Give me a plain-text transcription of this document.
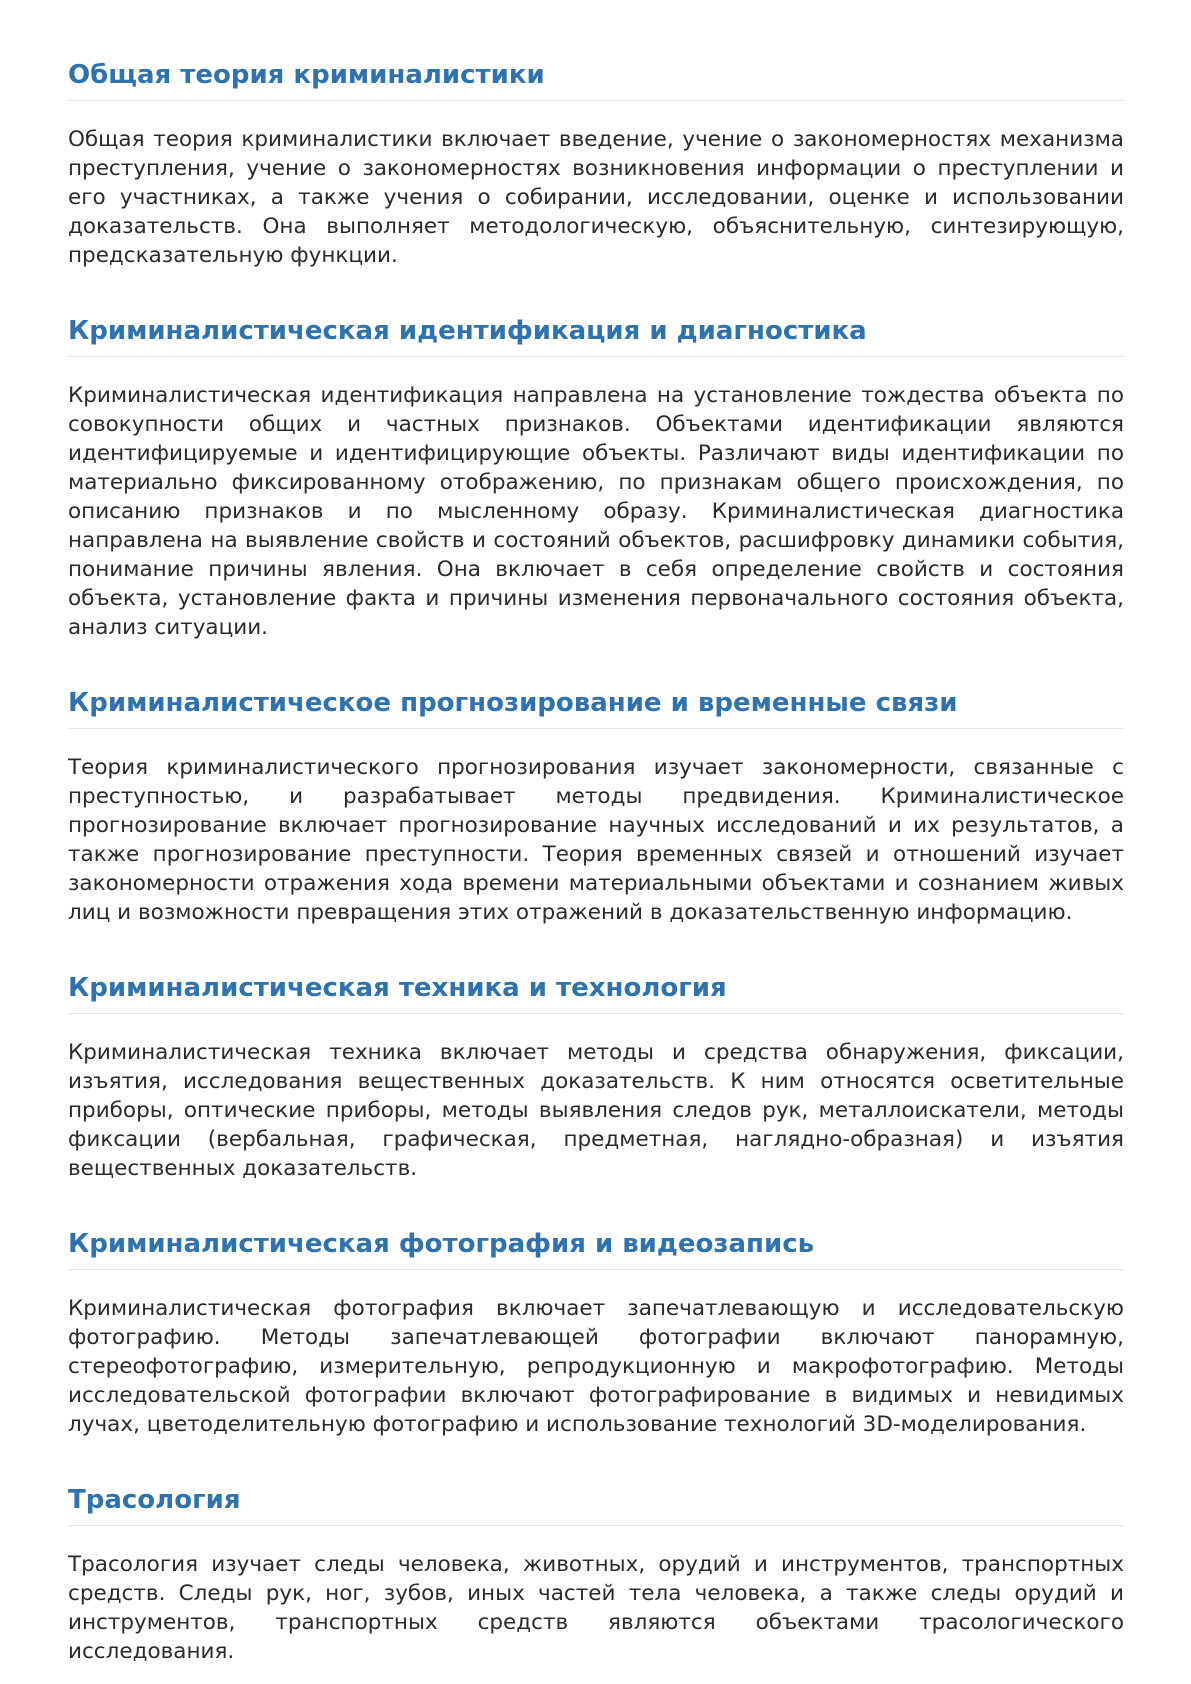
Общая теория криминалистики

Общая теория криминалистики включает введение, учение о закономерностях механизма преступления, учение о закономерностях возникновения информации о преступлении и его участниках, а также учения о собирании, исследовании, оценке и использовании доказательств. Она выполняет методологическую, объяснительную, синтезирующую, предсказательную функции.

Криминалистическая идентификация и диагностика

Криминалистическая идентификация направлена на установление тождества объекта по совокупности общих и частных признаков. Объектами идентификации являются идентифицируемые и идентифицирующие объекты. Различают виды идентификации по материально фиксированному отображению, по признакам общего происхождения, по описанию признаков и по мысленному образу. Криминалистическая диагностика направлена на выявление свойств и состояний объектов, расшифровку динамики события, понимание причины явления. Она включает в себя определение свойств и состояния объекта, установление факта и причины изменения первоначального состояния объекта, анализ ситуации.

Криминалистическое прогнозирование и временные связи

Теория криминалистического прогнозирования изучает закономерности, связанные с преступностью, и разрабатывает методы предвидения. Криминалистическое прогнозирование включает прогнозирование научных исследований и их результатов, а также прогнозирование преступности. Теория временных связей и отношений изучает закономерности отражения хода времени материальными объектами и сознанием живых лиц и возможности превращения этих отражений в доказательственную информацию.

Криминалистическая техника и технология

Криминалистическая техника включает методы и средства обнаружения, фиксации, изъятия, исследования вещественных доказательств. К ним относятся осветительные приборы, оптические приборы, методы выявления следов рук, металлоискатели, методы фиксации (вербальная, графическая, предметная, наглядно-образная) и изъятия вещественных доказательств.

Криминалистическая фотография и видеозапись

Криминалистическая фотография включает запечатлевающую и исследовательскую фотографию. Методы запечатлевающей фотографии включают панорамную, стереофотографию, измерительную, репродукционную и макрофотографию. Методы исследовательской фотографии включают фотографирование в видимых и невидимых лучах, цветоделительную фотографию и использование технологий 3D-моделирования.

Трасология

Трасология изучает следы человека, животных, орудий и инструментов, транспортных средств. Следы рук, ног, зубов, иных частей тела человека, а также следы орудий и инструментов, транспортных средств являются объектами трасологического исследования.
